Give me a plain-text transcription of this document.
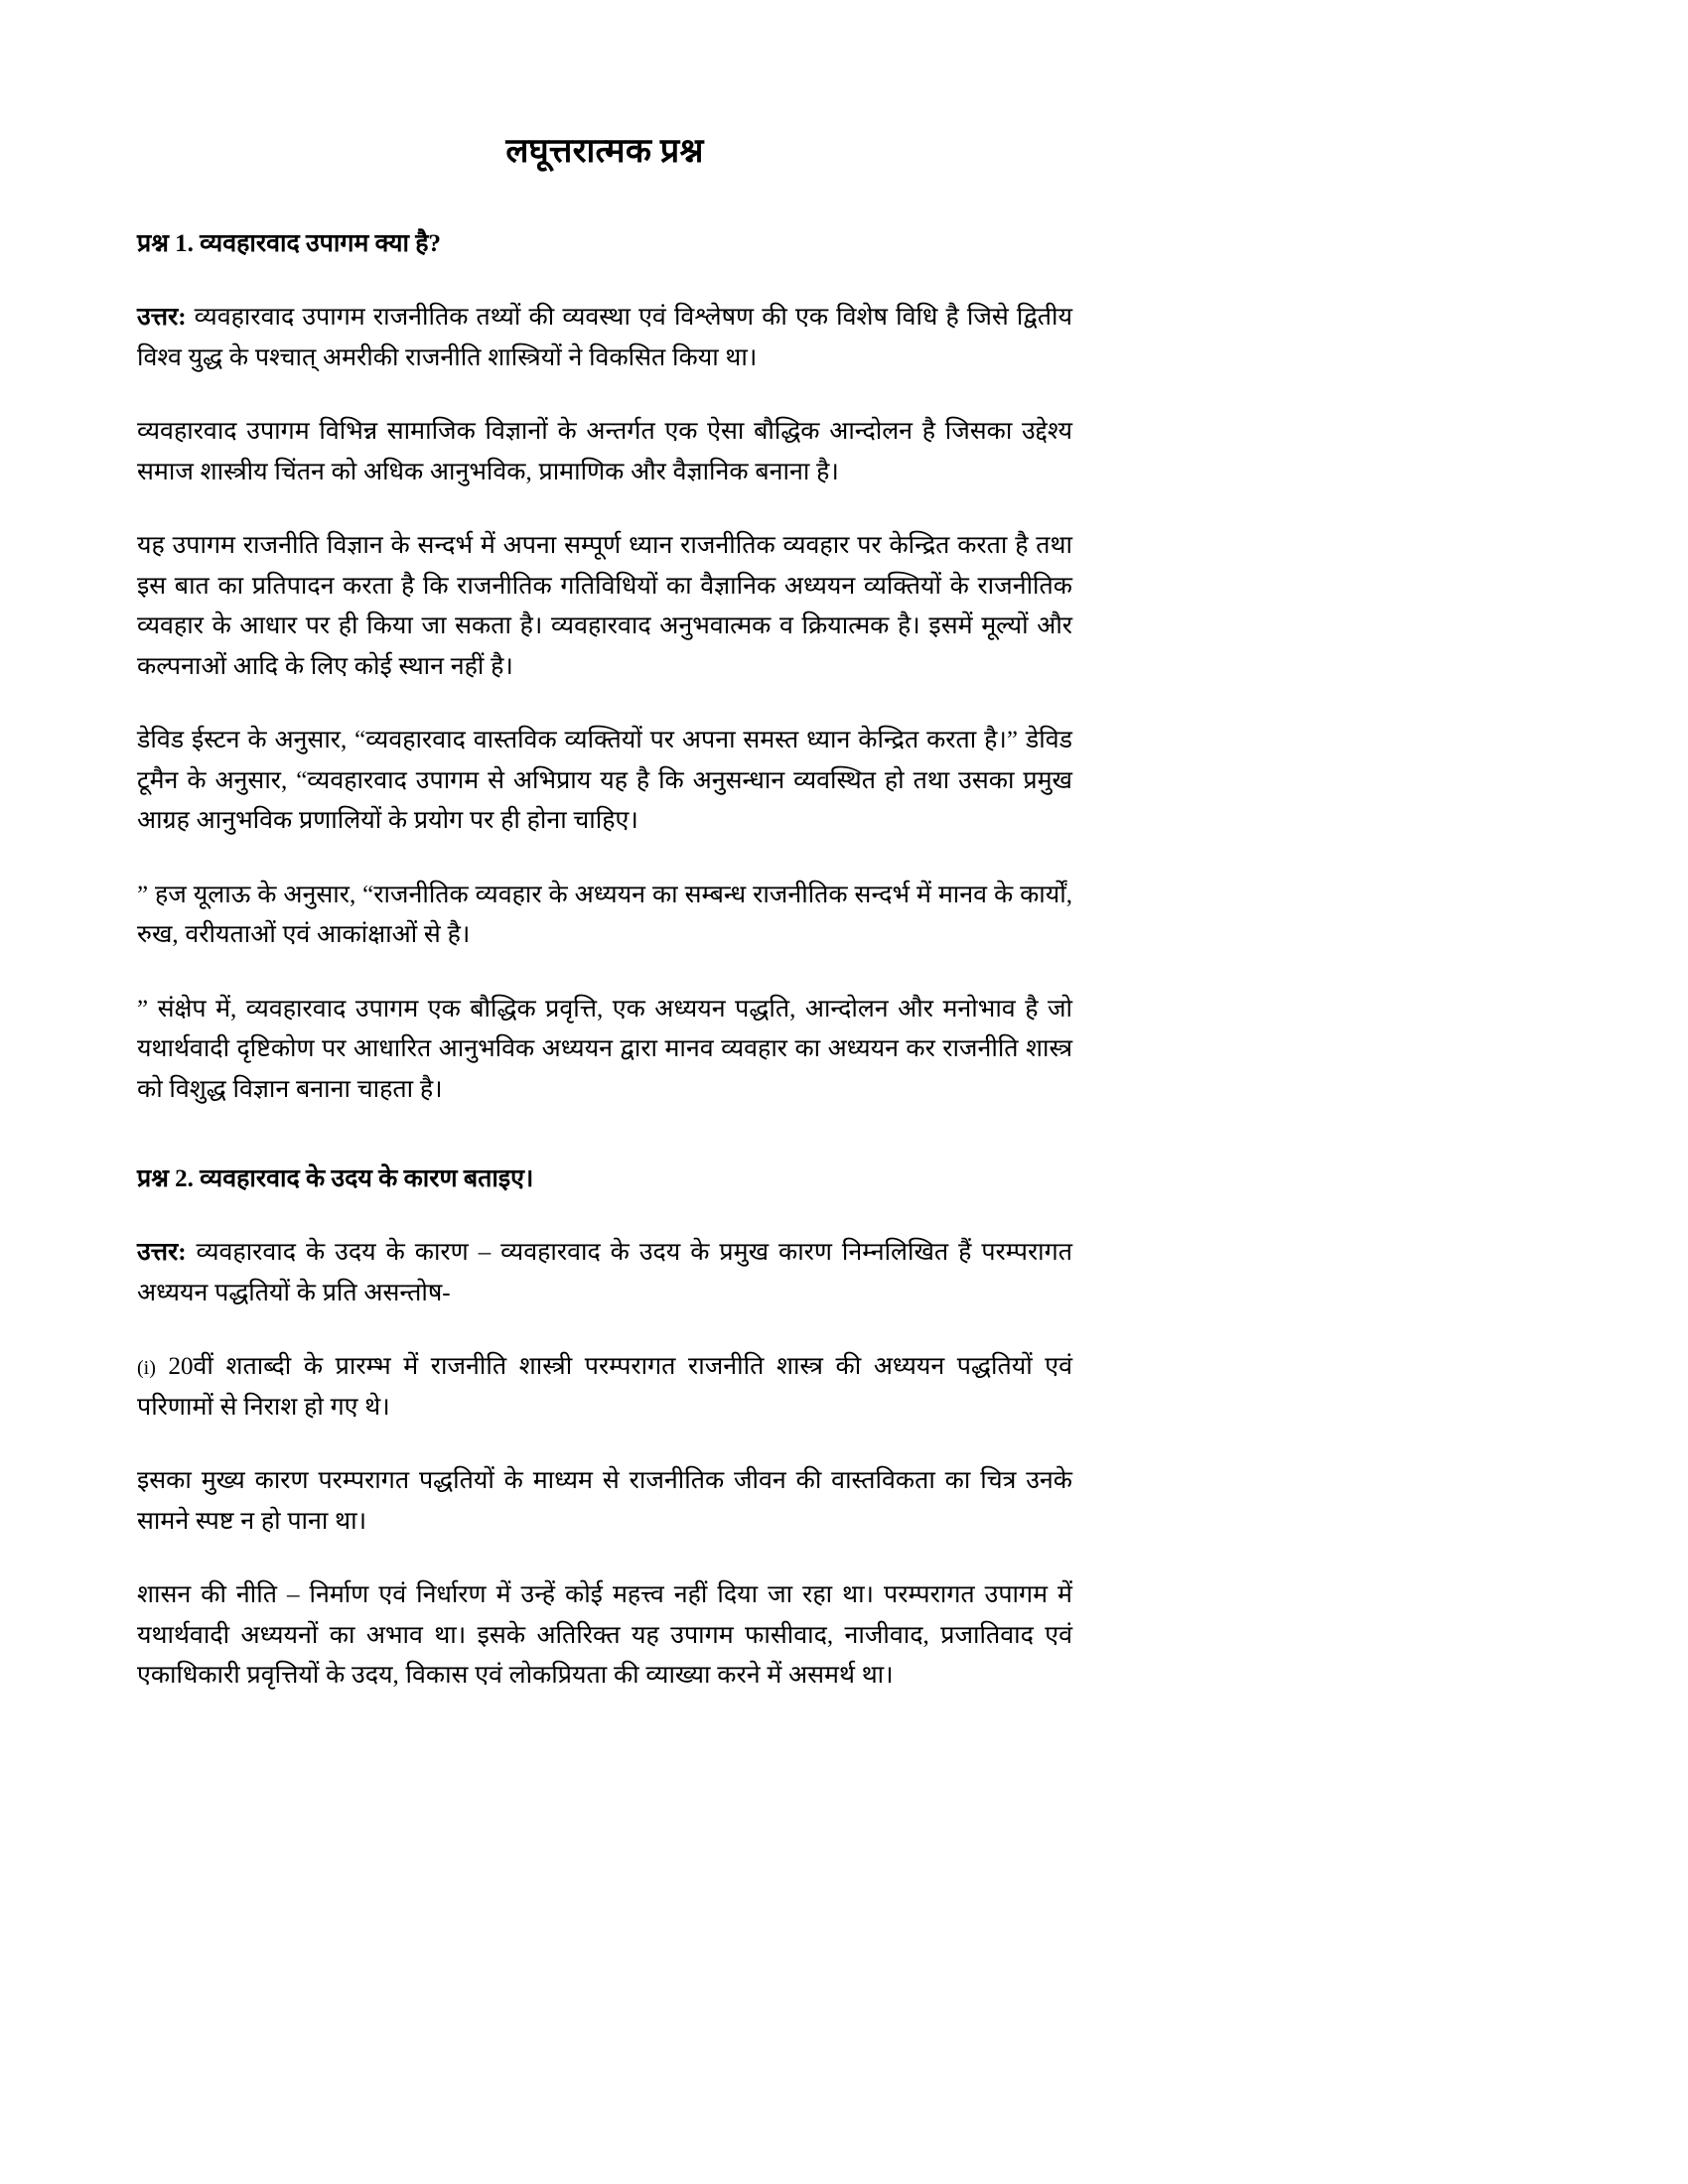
लघूत्तरात्मक प्रश्न
प्रश्न 1. व्यवहारवाद उपागम क्या है?

उत्तर: व्यवहारवाद उपागम राजनीतिक तथ्यों की व्यवस्था एवं विश्लेषण की एक विशेष विधि है जिसे द्वितीय विश्व युद्ध के पश्चात् अमरीकी राजनीति शास्त्रियों ने विकसित किया था।

व्यवहारवाद उपागम विभिन्न सामाजिक विज्ञानों के अन्तर्गत एक ऐसा बौद्धिक आन्दोलन है जिसका उद्देश्य समाज शास्त्रीय चिंतन को अधिक आनुभविक, प्रामाणिक और वैज्ञानिक बनाना है।

यह उपागम राजनीति विज्ञान के सन्दर्भ में अपना सम्पूर्ण ध्यान राजनीतिक व्यवहार पर केन्द्रित करता है तथा इस बात का प्रतिपादन करता है कि राजनीतिक गतिविधियों का वैज्ञानिक अध्ययन व्यक्तियों के राजनीतिक व्यवहार के आधार पर ही किया जा सकता है। व्यवहारवाद अनुभवात्मक व क्रियात्मक है। इसमें मूल्यों और कल्पनाओं आदि के लिए कोई स्थान नहीं है।

डेविड ईस्टन के अनुसार, “व्यवहारवाद वास्तविक व्यक्तियों पर अपना समस्त ध्यान केन्द्रित करता है।” डेविड टूमैन के अनुसार, “व्यवहारवाद उपागम से अभिप्राय यह है कि अनुसन्धान व्यवस्थित हो तथा उसका प्रमुख आग्रह आनुभविक प्रणालियों के प्रयोग पर ही होना चाहिए।

” हज यूलाऊ के अनुसार, “राजनीतिक व्यवहार के अध्ययन का सम्बन्ध राजनीतिक सन्दर्भ में मानव के कार्यों, रुख, वरीयताओं एवं आकांक्षाओं से है।

” संक्षेप में, व्यवहारवाद उपागम एक बौद्धिक प्रवृत्ति, एक अध्ययन पद्धति, आन्दोलन और मनोभाव है जो यथार्थवादी दृष्टिकोण पर आधारित आनुभविक अध्ययन द्वारा मानव व्यवहार का अध्ययन कर राजनीति शास्त्र को विशुद्ध विज्ञान बनाना चाहता है।

प्रश्न 2. व्यवहारवाद के उदय के कारण बताइए।

उत्तर: व्यवहारवाद के उदय के कारण – व्यवहारवाद के उदय के प्रमुख कारण निम्नलिखित हैं परम्परागत अध्ययन पद्धतियों के प्रति असन्तोष-

(i) 20वीं शताब्दी के प्रारम्भ में राजनीति शास्त्री परम्परागत राजनीति शास्त्र की अध्ययन पद्धतियों एवं परिणामों से निराश हो गए थे।

इसका मुख्य कारण परम्परागत पद्धतियों के माध्यम से राजनीतिक जीवन की वास्तविकता का चित्र उनके सामने स्पष्ट न हो पाना था।

शासन की नीति – निर्माण एवं निर्धारण में उन्हें कोई महत्त्व नहीं दिया जा रहा था। परम्परागत उपागम में यथार्थवादी अध्ययनों का अभाव था। इसके अतिरिक्त यह उपागम फासीवाद, नाजीवाद, प्रजातिवाद एवं एकाधिकारी प्रवृत्तियों के उदय, विकास एवं लोकप्रियता की व्याख्या करने में असमर्थ था।
